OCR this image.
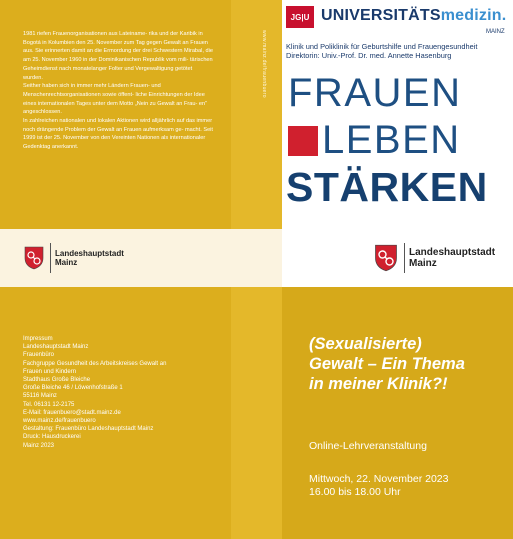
1981 riefen Frauenorganisationen aus Lateiname- rika und der Karibik in Bogotá in Kolumbien den 25. November zum Tag gegen Gewalt an Frauen aus. Sie erinnerten damit an die Ermordung der drei Schwestern Mirabal, die am 25. November 1960 in der Dominikanischen Republik vom mili- tärischen Geheimdienst nach monatelanger Folter und Vergewaltigung getötet wurden.

Seither haben sich in immer mehr Ländern Frauen- und Menschenrechtsorganisationen sowie öffent- liche Einrichtungen der Idee eines internationalen Tages unter dem Motto „Nein zu Gewalt an Frau- en“ angeschlossen.

In zahlreichen nationalen und lokalen Aktionen wird alljährlich auf das immer noch drängende Problem der Gewalt an Frauen aufmerksam ge- macht. Seit 1999 ist der 25. November von den Vereinten Nationen als internationaler Gedenktag anerkannt.

www.mainz.de/frauenbuero
JG|U UNIVERSITÄTSmedizin.
MAINZ
Klinik und Poliklinik für Geburtshilfe und Frauengesundheit
Direktorin: Univ.-Prof. Dr. med. Annette Hasenburg
FRAUEN
LEBEN
STÄRKEN
Landeshauptstadt
Mainz
Landeshauptstadt
Mainz
Impressum
Landeshauptstadt Mainz
Frauenbüro
Fachgruppe Gesundheit des Arbeitskreises Gewalt an
Frauen und Kindern
Stadthaus Große Bleiche
Große Bleiche 46 / Löwenhofstraße 1
55116 Mainz
Tel. 06131 12-2175
E-Mail: frauenbuero@stadt.mainz.de
www.mainz.de/frauenbuero
Gestaltung: Frauenbüro Landeshauptstadt Mainz
Druck: Hausdruckerei
Mainz 2023
(Sexualisierte)
Gewalt – Ein Thema
in meiner Klinik?!
Online-Lehrveranstaltung
Mittwoch, 22. November 2023
16.00 bis 18.00 Uhr
